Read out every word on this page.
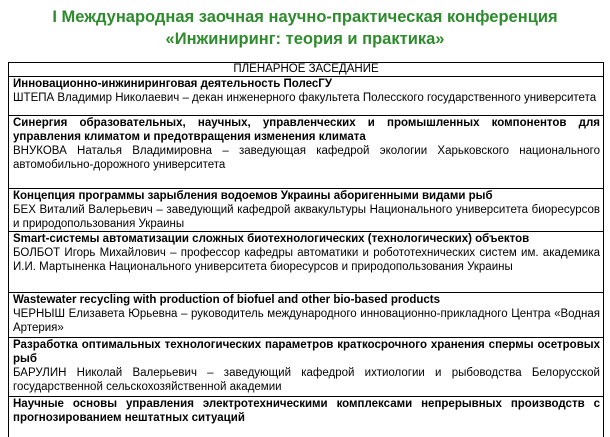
I Международная заочная научно-практическая конференция
«Инжиниринг: теория и практика»
ПЛЕНАРНОЕ ЗАСЕДАНИЕ
Инновационно-инжиниринговая деятельность ПолесГУ
ШТЕПА Владимир Николаевич – декан инженерного факультета Полесского государственного университета
Синергия образовательных, научных, управленческих и промышленных компонентов для управления климатом и предотвращения изменения климата
ВНУКОВА Наталья Владимировна – заведующая кафедрой экологии Харьковского национального автомобильно-дорожного университета
Концепция программы зарыбления водоемов Украины аборигенными видами рыб
БЕХ Виталий Валерьевич – заведующий кафедрой аквакультуры Национального университета биоресурсов и природопользования Украины
Smart-системы автоматизации сложных биотехнологических (технологических) объектов
БОЛБОТ Игорь Михайлович – профессор кафедры автоматики и робототехнических систем им. академика И.И. Мартыненка Национального университета биоресурсов и природопользования Украины
Wastewater recycling with production of biofuel and other bio-based products
ЧЕРНЫШ Елизавета Юрьевна – руководитель международного инновационно-прикладного Центра «Водная Артерия»
Разработка оптимальных технологических параметров краткосрочного хранения спермы осетровых рыб
БАРУЛИН Николай Валерьевич – заведующий кафедрой ихтиологии и рыбоводства Белорусской государственной сельскохозяйственной академии
Научные основы управления электротехническими комплексами непрерывных производств с прогнозированием нештатных ситуаций
